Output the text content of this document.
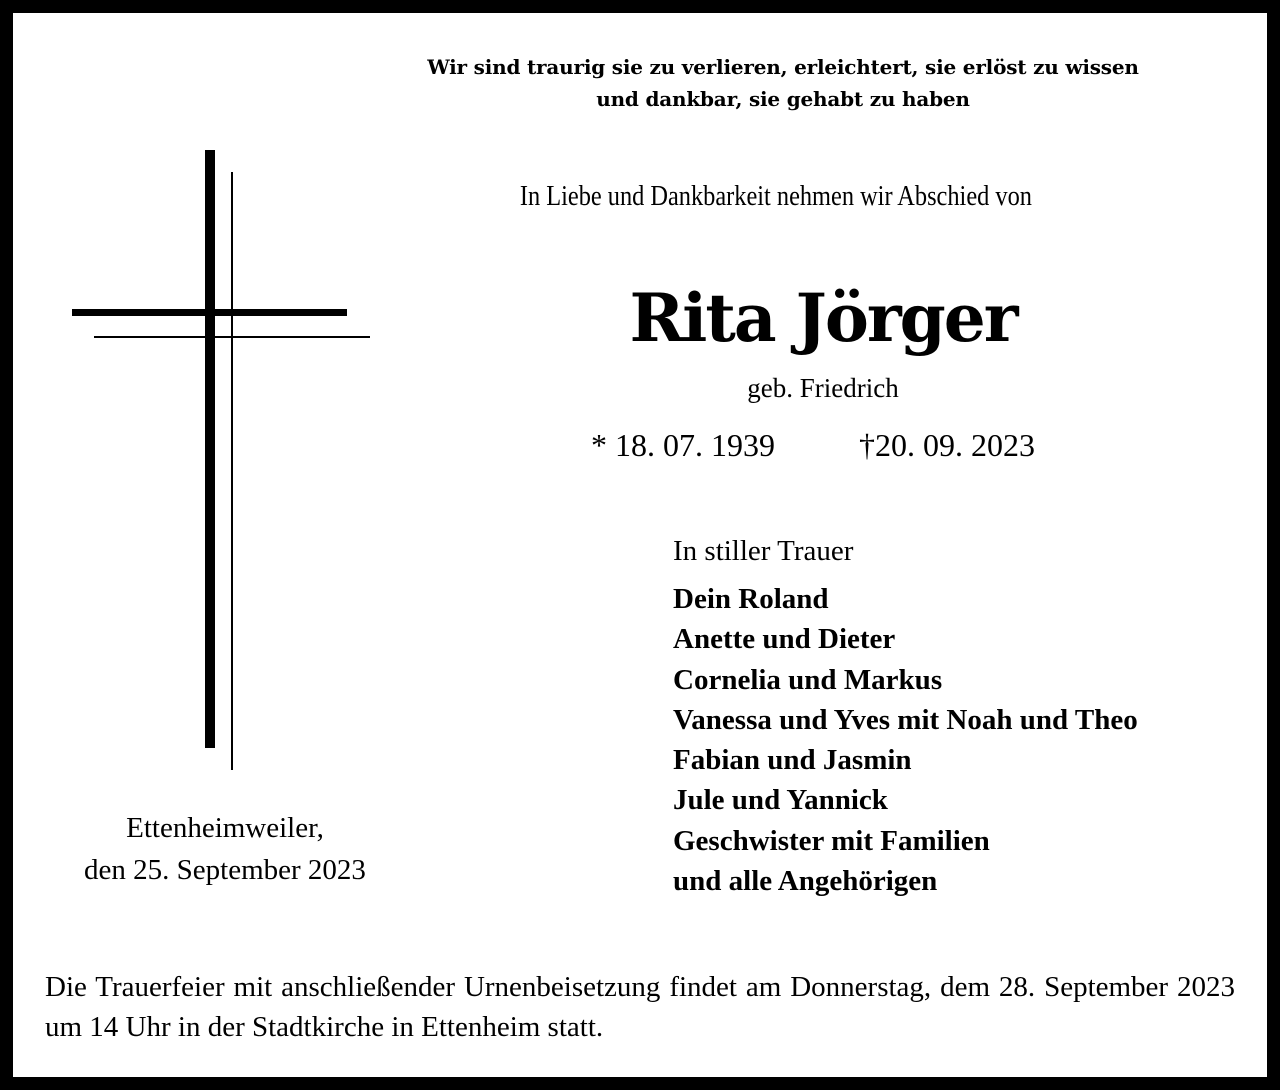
Wir sind traurig sie zu verlieren, erleichtert, sie erlöst zu wissen
und dankbar, sie gehabt zu haben
In Liebe und Dankbarkeit nehmen wir Abschied von
Rita Jörger
geb. Friedrich
* 18. 07. 1939	†20. 09. 2023
In stiller Trauer
Dein Roland
Anette und Dieter
Cornelia und Markus
Vanessa und Yves mit Noah und Theo
Fabian und Jasmin
Jule und Yannick
Geschwister mit Familien
und alle Angehörigen
Ettenheimweiler,
den 25. September 2023
Die Trauerfeier mit anschließender Urnenbeisetzung findet am Donnerstag, dem 28. September 2023 um 14 Uhr in der Stadtkirche in Ettenheim statt.
